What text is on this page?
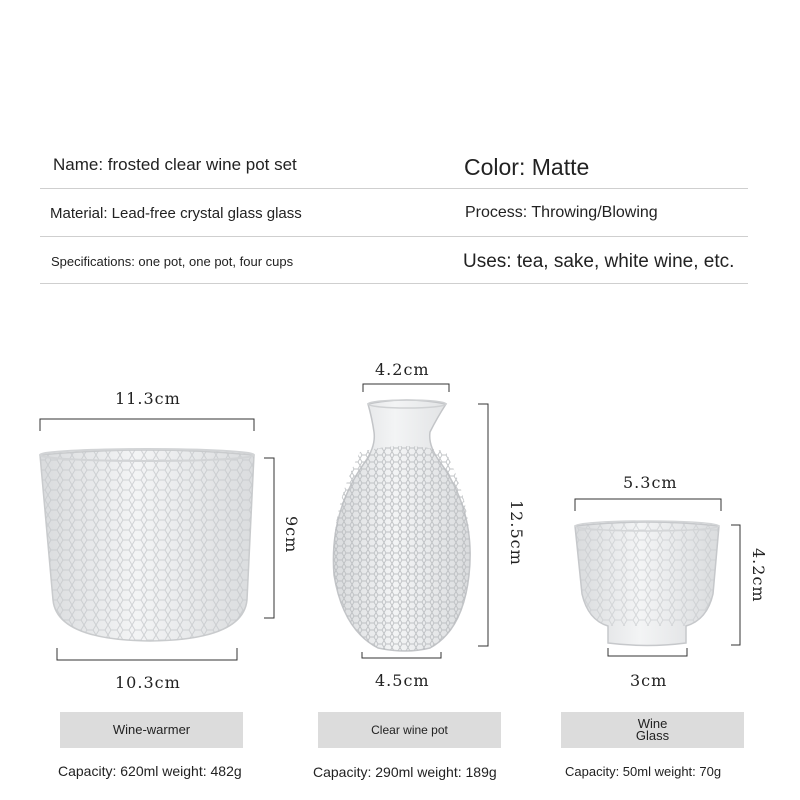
Name: frosted clear wine pot set	Color: Matte
Material: Lead-free crystal glass glass	Process: Throwing/Blowing
Specifications: one pot, one pot, four cups	Uses: tea, sake, white wine, etc.
11.3cm
9cm
10.3cm
4.2cm
12.5cm
4.5cm
5.3cm
4.2cm
3cm
Wine-warmer	Clear wine pot	Wine
Glass
Capacity: 620ml weight: 482g	Capacity: 290ml weight: 189g	Capacity: 50ml weight: 70g
